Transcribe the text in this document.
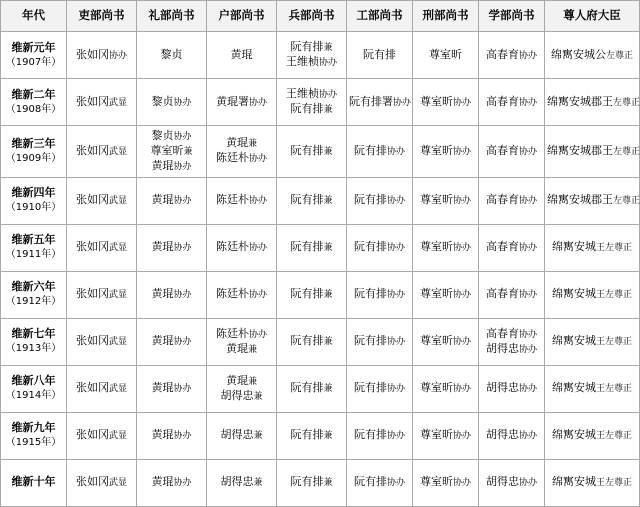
年代	吏部尚书	礼部尚书	户部尚书	兵部尚书	工部尚书	刑部尚书	学部尚书	尊人府大臣
维新元年
（1907年）	张如冈协办	黎贞	黄琨	阮有排兼
王维桢协办	阮有排	尊室昕	高春育协办	绵寯安城公左尊正

维新二年
（1908年）	张如冈武显	黎贞协办	黄琨署协办	王维桢协办
阮有排兼	阮有排署协办	尊室昕协办	高春育协办	绵寯安城郡王左尊正

维新三年
（1909年）	张如冈武显	黎贞协办
尊室昕兼
黄琨协办	黄琨兼
陈廷朴协办	阮有排兼	阮有排协办	尊室昕协办	高春育协办	绵寯安城郡王左尊正

维新四年
（1910年）	张如冈武显	黄琨协办	陈廷朴协办	阮有排兼	阮有排协办	尊室昕协办	高春育协办	绵寯安城郡王左尊正

维新五年
（1911年）	张如冈武显	黄琨协办	陈廷朴协办	阮有排兼	阮有排协办	尊室昕协办	高春育协办	绵寯安城王左尊正

维新六年
（1912年）	张如冈武显	黄琨协办	陈廷朴协办	阮有排兼	阮有排协办	尊室昕协办	高春育协办	绵寯安城王左尊正

维新七年
（1913年）	张如冈武显	黄琨协办	陈廷朴协办
黄琨兼	阮有排兼	阮有排协办	尊室昕协办	高春育协办
胡得忠协办	绵寯安城王左尊正

维新八年
（1914年）	张如冈武显	黄琨协办	黄琨兼
胡得忠兼	阮有排兼	阮有排协办	尊室昕协办	胡得忠协办	绵寯安城王左尊正

维新九年
（1915年）	张如冈武显	黄琨协办	胡得忠兼	阮有排兼	阮有排协办	尊室昕协办	胡得忠协办	绵寯安城王左尊正

维新十年	张如冈武显	黄琨协办	胡得忠兼	阮有排兼	阮有排协办	尊室昕协办	胡得忠协办	绵寯安城王左尊正
